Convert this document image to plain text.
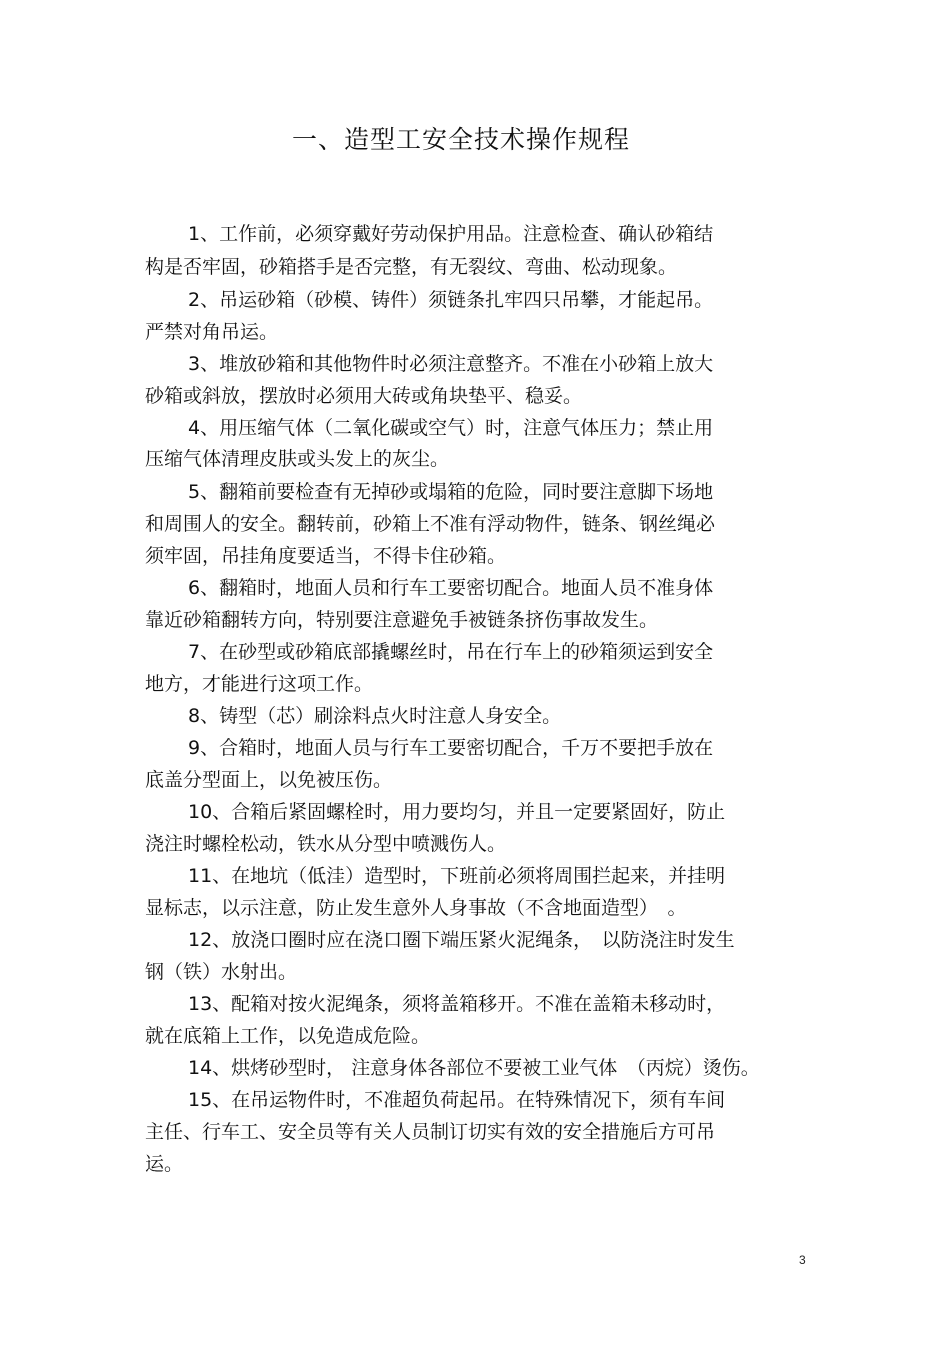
一、造型工安全技术操作规程

1、工作前，必须穿戴好劳动保护用品。注意检查、确认砂箱结

构是否牢固，砂箱搭手是否完整，有无裂纹、弯曲、松动现象。

2、吊运砂箱（砂模、铸件）须链条扎牢四只吊攀，才能起吊。

严禁对角吊运。

3、堆放砂箱和其他物件时必须注意整齐。不准在小砂箱上放大

砂箱或斜放，摆放时必须用大砖或角块垫平、稳妥。

4、用压缩气体（二氧化碳或空气）时，注意气体压力；禁止用

压缩气体清理皮肤或头发上的灰尘。

5、翻箱前要检查有无掉砂或塌箱的危险，同时要注意脚下场地

和周围人的安全。翻转前，砂箱上不准有浮动物件，链条、钢丝绳必

须牢固，吊挂角度要适当，不得卡住砂箱。

6、翻箱时，地面人员和行车工要密切配合。地面人员不准身体

靠近砂箱翻转方向，特别要注意避免手被链条挤伤事故发生。

7、在砂型或砂箱底部撬螺丝时，吊在行车上的砂箱须运到安全

地方，才能进行这项工作。

8、铸型（芯）刷涂料点火时注意人身安全。

9、合箱时，地面人员与行车工要密切配合，千万不要把手放在

底盖分型面上，以免被压伤。

10、合箱后紧固螺栓时，用力要均匀，并且一定要紧固好，防止

浇注时螺栓松动，铁水从分型中喷溅伤人。

11、在地坑（低洼）造型时，下班前必须将周围拦起来，并挂明

显标志，以示注意，防止发生意外人身事故（不含地面造型）　。

12、放浇口圈时应在浇口圈下端压紧火泥绳条，　以防浇注时发生

钢（铁）水射出。

13、配箱对按火泥绳条，须将盖箱移开。不准在盖箱未移动时，

就在底箱上工作，以免造成危险。

14、烘烤砂型时， 注意身体各部位不要被工业气体　（丙烷）烫伤。

15、在吊运物件时，不准超负荷起吊。在特殊情况下，须有车间

主任、行车工、安全员等有关人员制订切实有效的安全措施后方可吊

运。

3
